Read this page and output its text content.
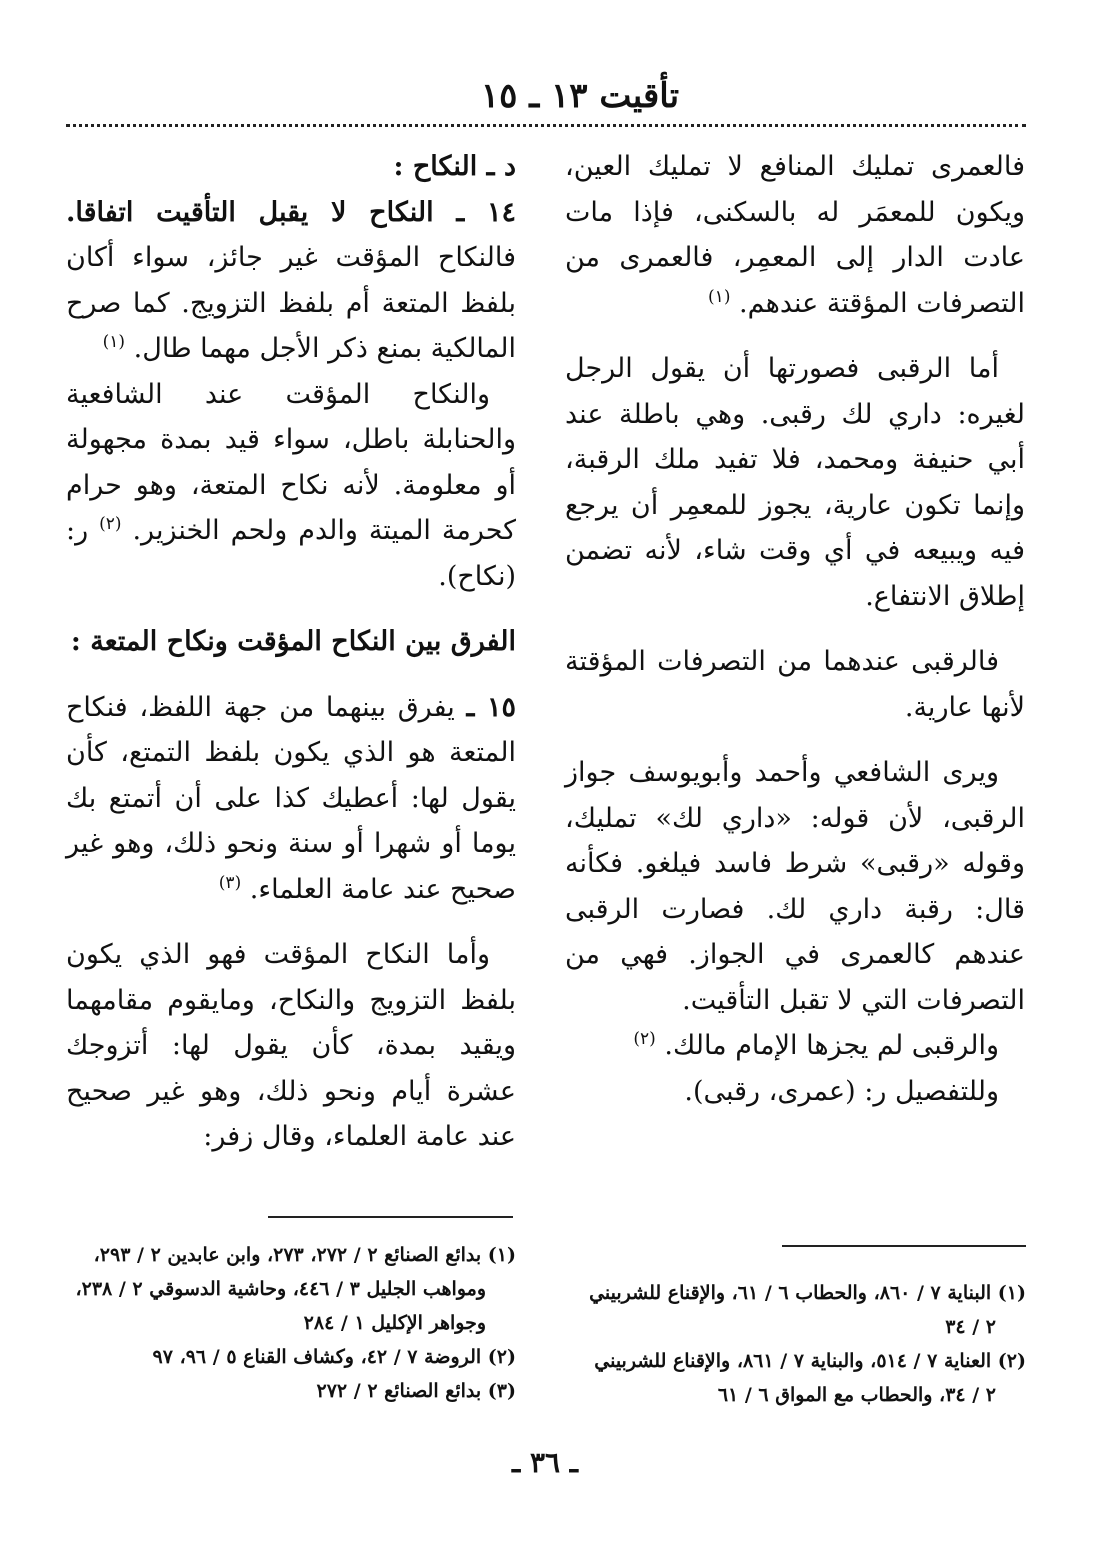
تأقيت ١٣ ـ ١٥

فالعمرى تمليك المنافع لا تمليك العين، ويكون للمعمَر له بالسكنى، فإذا مات عادت الدار إلى المعمِر، فالعمرى من التصرفات المؤقتة عندهم. $^{(١)}$

أما الرقبى فصورتها أن يقول الرجل لغيره: داري لك رقبى. وهي باطلة عند أبي حنيفة ومحمد، فلا تفيد ملك الرقبة، وإنما تكون عارية، يجوز للمعمِر أن يرجع فيه ويبيعه في أي وقت شاء، لأنه تضمن إطلاق الانتفاع.

فالرقبى عندهما من التصرفات المؤقتة لأنها عارية.

ويرى الشافعي وأحمد وأبويوسف جواز الرقبى، لأن قوله: «داري لك» تمليك، وقوله «رقبى» شرط فاسد فيلغو. فكأنه قال: رقبة داري لك. فصارت الرقبى عندهم كالعمرى في الجواز. فهي من التصرفات التي لا تقبل التأقيت.

والرقبى لم يجزها الإمام مالك. $^{(٢)}$

وللتفصيل ر: (عمرى، رقبى).

د ـ النكاح :

١٤ ـ النكاح لا يقبل التأقيت اتفاقا. فالنكاح المؤقت غير جائز، سواء أكان بلفظ المتعة أم بلفظ التزويج. كما صرح المالكية بمنع ذكر الأجل مهما طال. $^{(١)}$

والنكاح المؤقت عند الشافعية والحنابلة باطل، سواء قيد بمدة مجهولة أو معلومة. لأنه نكاح المتعة، وهو حرام كحرمة الميتة والدم ولحم الخنزير. $^{(٢)}$ ر: (نكاح).

الفرق بين النكاح المؤقت ونكاح المتعة :

١٥ ـ يفرق بينهما من جهة اللفظ، فنكاح المتعة هو الذي يكون بلفظ التمتع، كأن يقول لها: أعطيك كذا على أن أتمتع بك يوما أو شهرا أو سنة ونحو ذلك، وهو غير صحيح عند عامة العلماء. $^{(٣)}$

وأما النكاح المؤقت فهو الذي يكون بلفظ التزويج والنكاح، ومايقوم مقامهما ويقيد بمدة، كأن يقول لها: أتزوجك عشرة أيام ونحو ذلك، وهو غير صحيح عند عامة العلماء، وقال زفر:

(١) بدائع الصنائع ٢ / ٢٧٢، ٢٧٣، وابن عابدين ٢ / ٢٩٣،

ومواهب الجليل ٣ / ٤٤٦، وحاشية الدسوقي ٢ / ٢٣٨،

وجواهر الإكليل ١ / ٢٨٤

(٢) الروضة ٧ / ٤٢، وكشاف القناع ٥ / ٩٦، ٩٧

(٣) بدائع الصنائع ٢ / ٢٧٢

(١) البناية ٧ / ٨٦٠، والحطاب ٦ / ٦١، والإقناع للشربيني

٢ / ٣٤

(٢) العناية ٧ / ٥١٤، والبناية ٧ / ٨٦١، والإقناع للشربيني

٢ / ٣٤، والحطاب مع المواق ٦ / ٦١

ـ ٣٦ ـ
